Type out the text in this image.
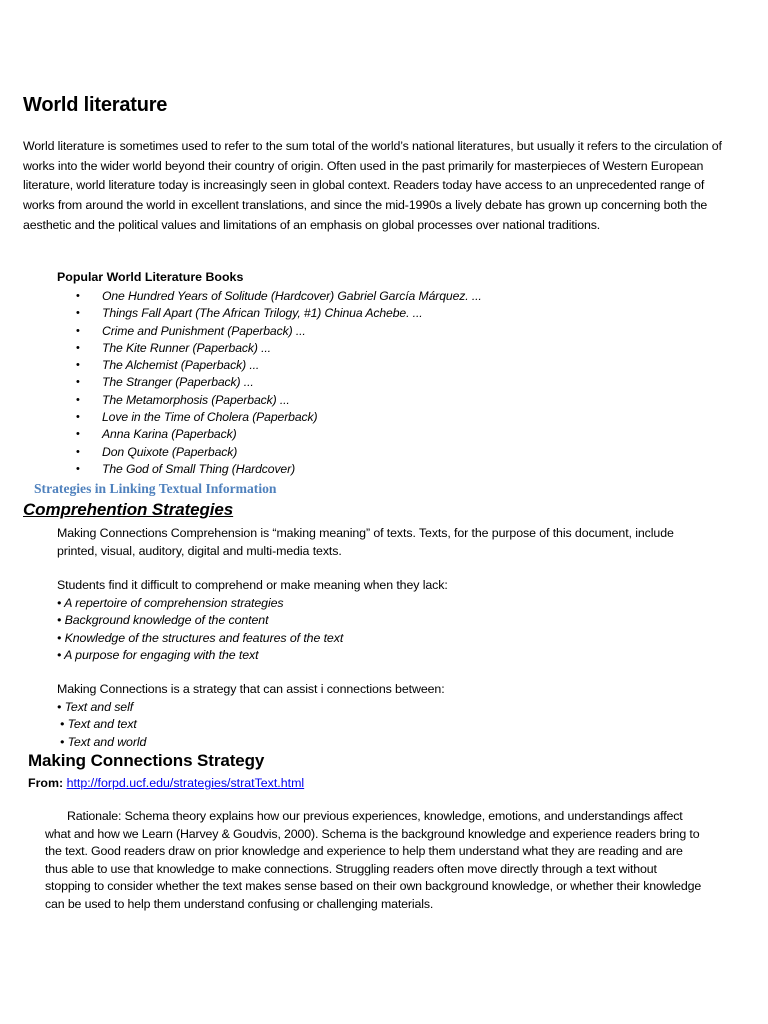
World literature
World literature is sometimes used to refer to the sum total of the world’s national literatures, but usually it refers to the circulation of works into the wider world beyond their country of origin. Often used in the past primarily for masterpieces of Western European literature, world literature today is increasingly seen in global context. Readers today have access to an unprecedented range of works from around the world in excellent translations, and since the mid-1990s a lively debate has grown up concerning both the aesthetic and the political values and limitations of an emphasis on global processes over national traditions.
Popular World Literature Books
• One Hundred Years of Solitude (Hardcover) Gabriel García Márquez. ...
• Things Fall Apart (The African Trilogy, #1) Chinua Achebe. ...
• Crime and Punishment (Paperback) ...
• The Kite Runner (Paperback) ...
• The Alchemist (Paperback) ...
• The Stranger (Paperback) ...
• The Metamorphosis (Paperback) ...
• Love in the Time of Cholera (Paperback)
• Anna Karina (Paperback)
• Don Quixote (Paperback)
• The God of Small Thing (Hardcover)
Strategies in Linking Textual Information
Comprehention Strategies
Making Connections Comprehension is “making meaning” of texts. Texts, for the purpose of this document, include printed, visual, auditory, digital and multi-media texts.
Students find it difficult to comprehend or make meaning when they lack:
• A repertoire of comprehension strategies
• Background knowledge of the content
• Knowledge of the structures and features of the text
• A purpose for engaging with the text
Making Connections is a strategy that can assist i connections between:
• Text and self
• Text and text
• Text and world
Making Connections Strategy
From: http://forpd.ucf.edu/strategies/stratText.html
Rationale: Schema theory explains how our previous experiences, knowledge, emotions, and understandings affect what and how we Learn (Harvey & Goudvis, 2000). Schema is the background knowledge and experience readers bring to the text. Good readers draw on prior knowledge and experience to help them understand what they are reading and are thus able to use that knowledge to make connections. Struggling readers often move directly through a text without stopping to consider whether the text makes sense based on their own background knowledge, or whether their knowledge can be used to help them understand confusing or challenging materials.
